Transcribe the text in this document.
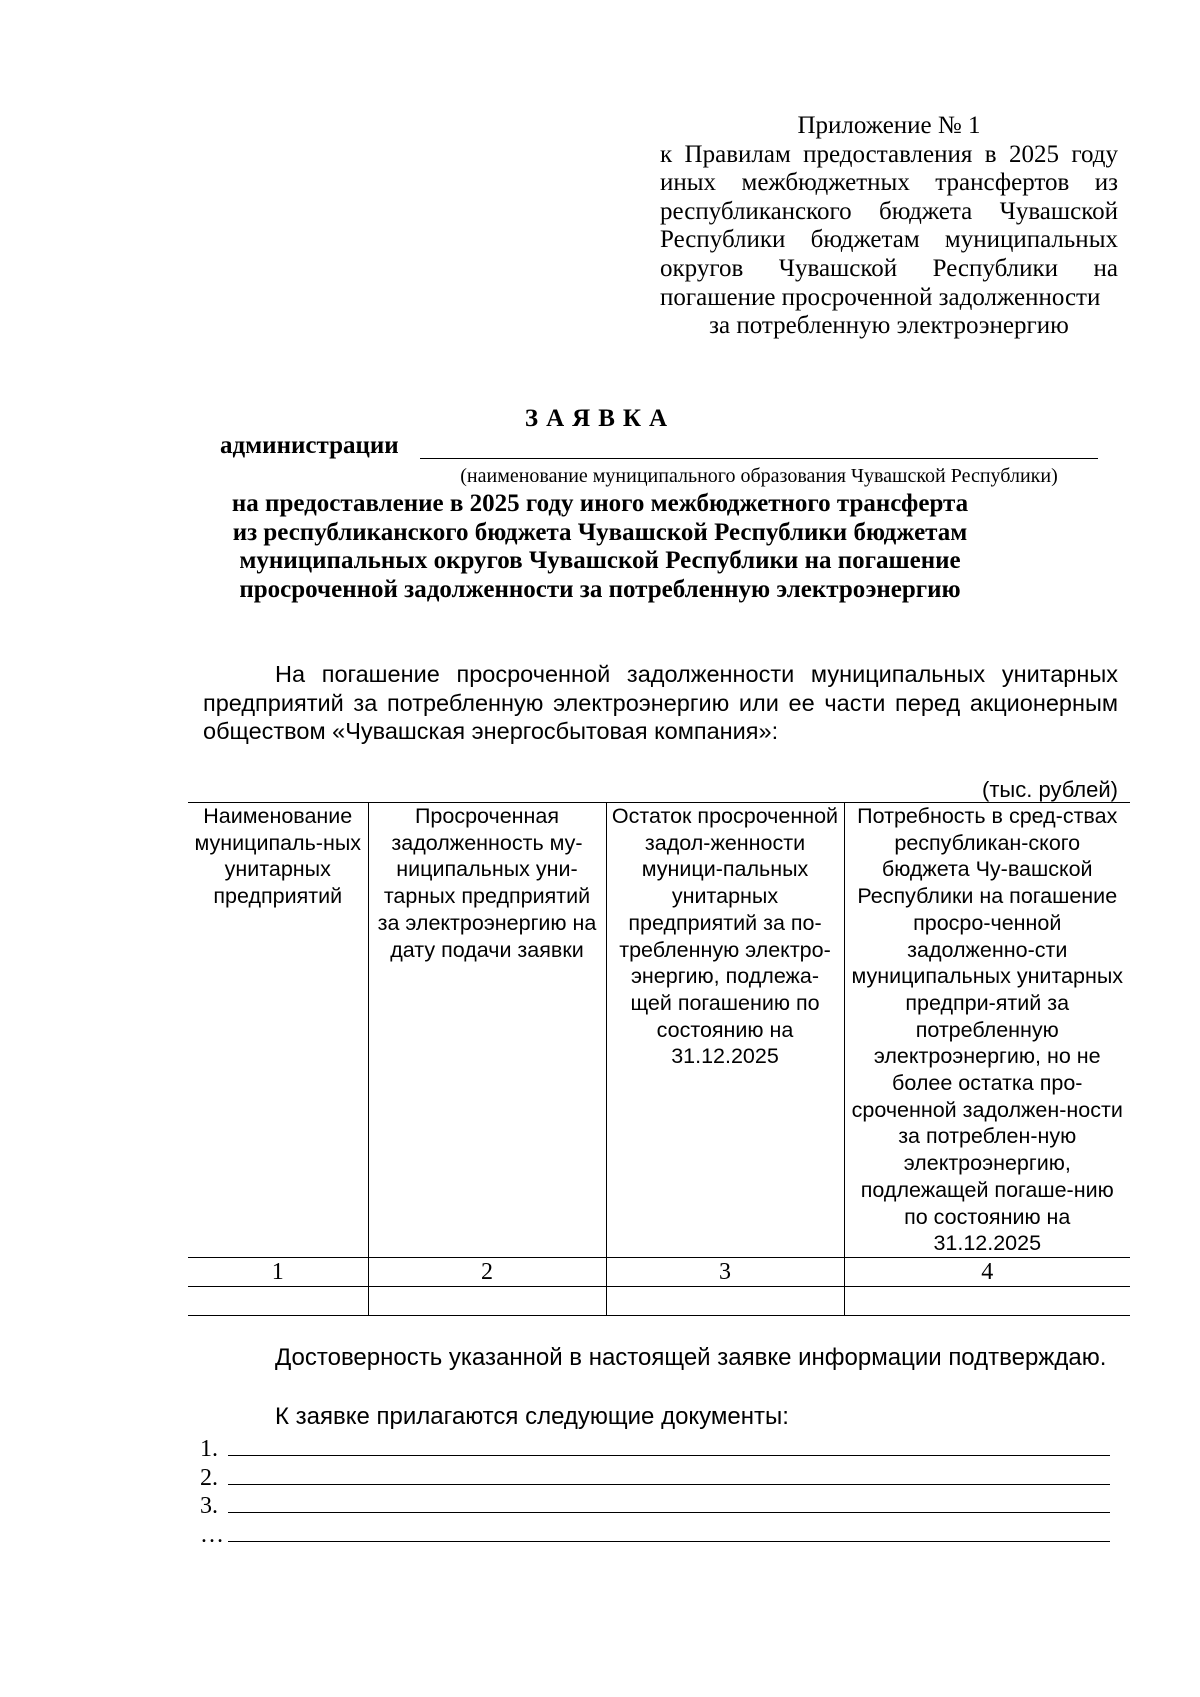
Приложение № 1
к Правилам предоставления в 2025 году иных межбюджетных трансфертов из республиканского бюджета Чувашской Республики бюджетам муниципальных округов Чувашской Республики на погашение просроченной задолженности
за потребленную электроэнергию
ЗАЯВКА
администрации
(наименование муниципального образования Чувашской Республики)
на предоставление в 2025 году иного межбюджетного трансферта
из республиканского бюджета Чувашской Республики бюджетам
муниципальных округов Чувашской Республики на погашение
просроченной задолженности за потребленную электроэнергию
На погашение просроченной задолженности муниципальных унитарных предприятий за потребленную электроэнергию или ее части перед акционерным обществом «Чувашская энергосбытовая компания»:
(тыс. рублей)
Наименование муниципаль-ных унитарных предприятий	Просроченная задолженность му-ниципальных уни-тарных предприятий за электроэнергию на дату подачи заявки	Остаток просроченной задол-женности муници-пальных унитарных предприятий за по-требленную электро-энергию, подлежа-щей погашению по состоянию на 31.12.2025	Потребность в сред-ствах республикан-ского бюджета Чу-вашской Республики на погашение просро-ченной задолженно-сти муниципальных унитарных предпри-ятий за потребленную электроэнергию, но не более остатка про-сроченной задолжен-ности за потреблен-ную электроэнергию, подлежащей погаше-нию по состоянию на 31.12.2025
1	2	3	4

Достоверность указанной в настоящей заявке информации подтверждаю.
К заявке прилагаются следующие документы:
1.
2.
3.
…
